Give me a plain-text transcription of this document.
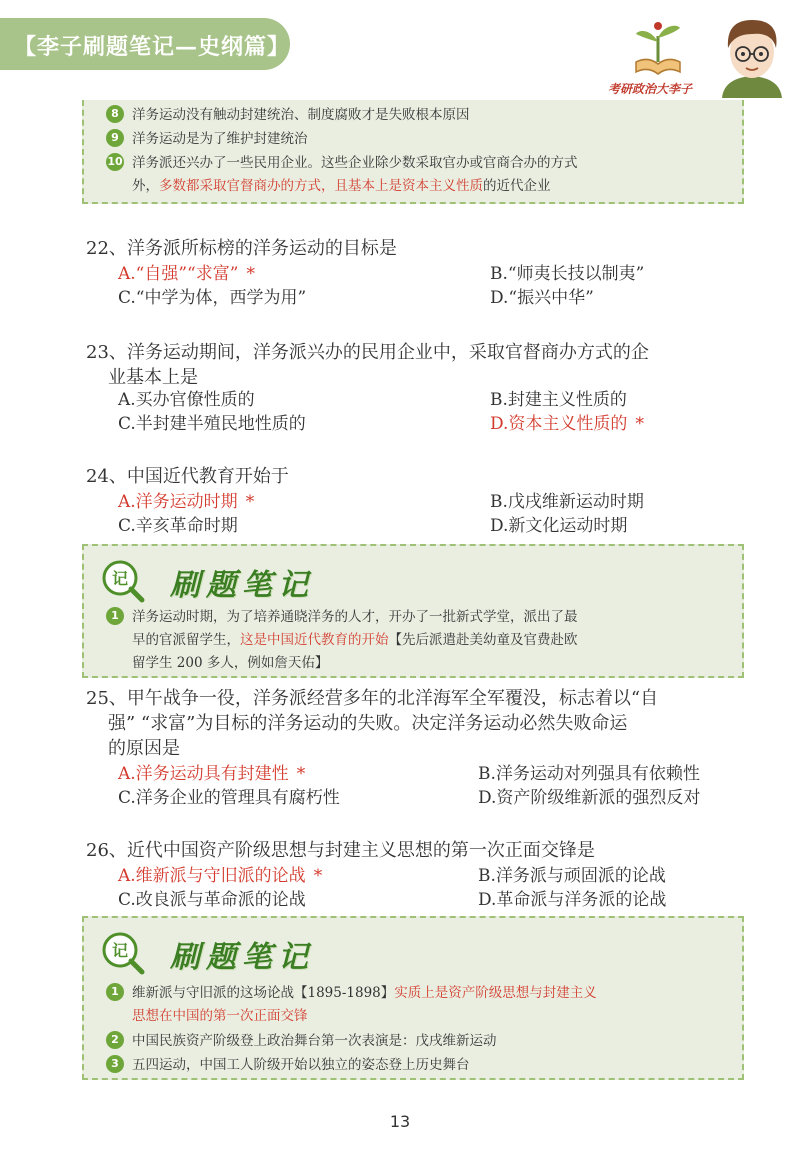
【李子刷题笔记—史纲篇】
考研政治大李子
8 洋务运动没有触动封建统治、制度腐败才是失败根本原因
9 洋务运动是为了维护封建统治
10 洋务派还兴办了一些民用企业。这些企业除少数采取官办或官商合办的方式
外，多数都采取官督商办的方式，且基本上是资本主义性质的近代企业
22、洋务派所标榜的洋务运动的目标是
A.“自强”“求富” *	B.“师夷长技以制夷”
C.“中学为体，西学为用”	D.“振兴中华”
23、洋务运动期间，洋务派兴办的民用企业中，采取官督商办方式的企
业基本上是
A.买办官僚性质的	B.封建主义性质的
C.半封建半殖民地性质的	D.资本主义性质的 *
24、中国近代教育开始于
A.洋务运动时期 *	B.戊戌维新运动时期
C.辛亥革命时期	D.新文化运动时期
记 刷题笔记
1 洋务运动时期，为了培养通晓洋务的人才，开办了一批新式学堂，派出了最
早的官派留学生，这是中国近代教育的开始【先后派遣赴美幼童及官费赴欧
留学生 200 多人，例如詹天佑】
25、甲午战争一役，洋务派经营多年的北洋海军全军覆没，标志着以“自
强” “求富”为目标的洋务运动的失败。决定洋务运动必然失败命运
的原因是
A.洋务运动具有封建性 *	B.洋务运动对列强具有依赖性
C.洋务企业的管理具有腐朽性	D.资产阶级维新派的强烈反对
26、近代中国资产阶级思想与封建主义思想的第一次正面交锋是
A.维新派与守旧派的论战 *	B.洋务派与顽固派的论战
C.改良派与革命派的论战	D.革命派与洋务派的论战
记 刷题笔记
1 维新派与守旧派的这场论战【1895-1898】实质上是资产阶级思想与封建主义
思想在中国的第一次正面交锋
2 中国民族资产阶级登上政治舞台第一次表演是：戊戌维新运动
3 五四运动，中国工人阶级开始以独立的姿态登上历史舞台
13
